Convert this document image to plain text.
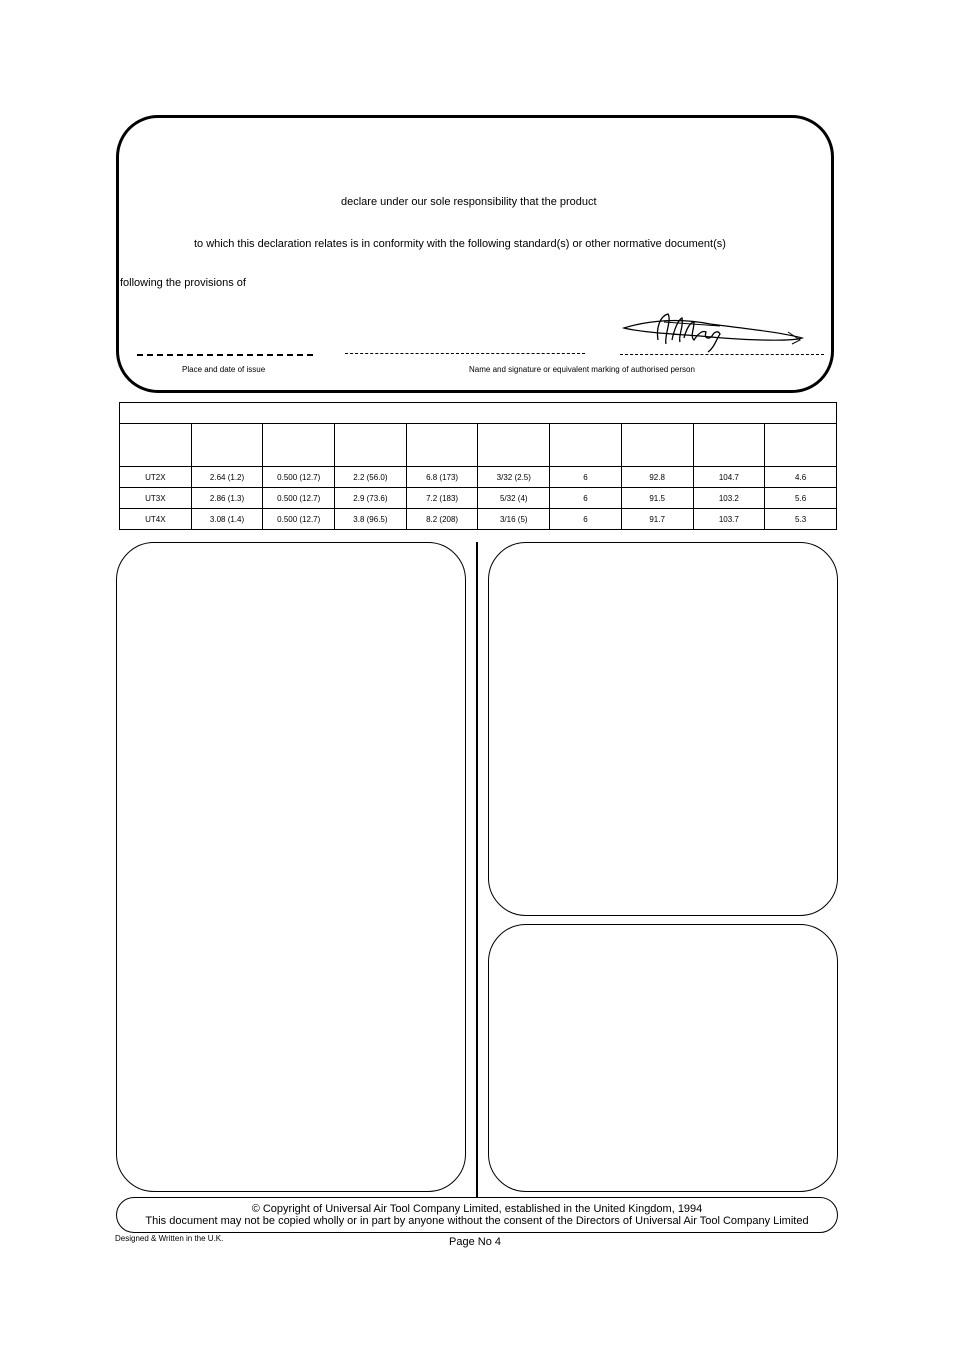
declare under our sole responsibility that the product
to which this declaration relates is in conformity with the following standard(s) or other normative document(s)
following the provisions of
Place and date of issue	Name and signature or equivalent marking of authorised person

UT2X	2.64 (1.2)	0.500 (12.7)	2.2 (56.0)	6.8 (173)	3/32 (2.5)	6	92.8	104.7	4.6
UT3X	2.86 (1.3)	0.500 (12.7)	2.9 (73.6)	7.2 (183)	5/32 (4)	6	91.5	103.2	5.6
UT4X	3.08 (1.4)	0.500 (12.7)	3.8 (96.5)	8.2 (208)	3/16 (5)	6	91.7	103.7	5.3
© Copyright of Universal Air Tool Company Limited, established in the United Kingdom, 1994
This document may not be copied wholly or in part by anyone without the consent of the Directors of Universal Air Tool Company Limited
Designed & Written in the U.K.	Page No 4
